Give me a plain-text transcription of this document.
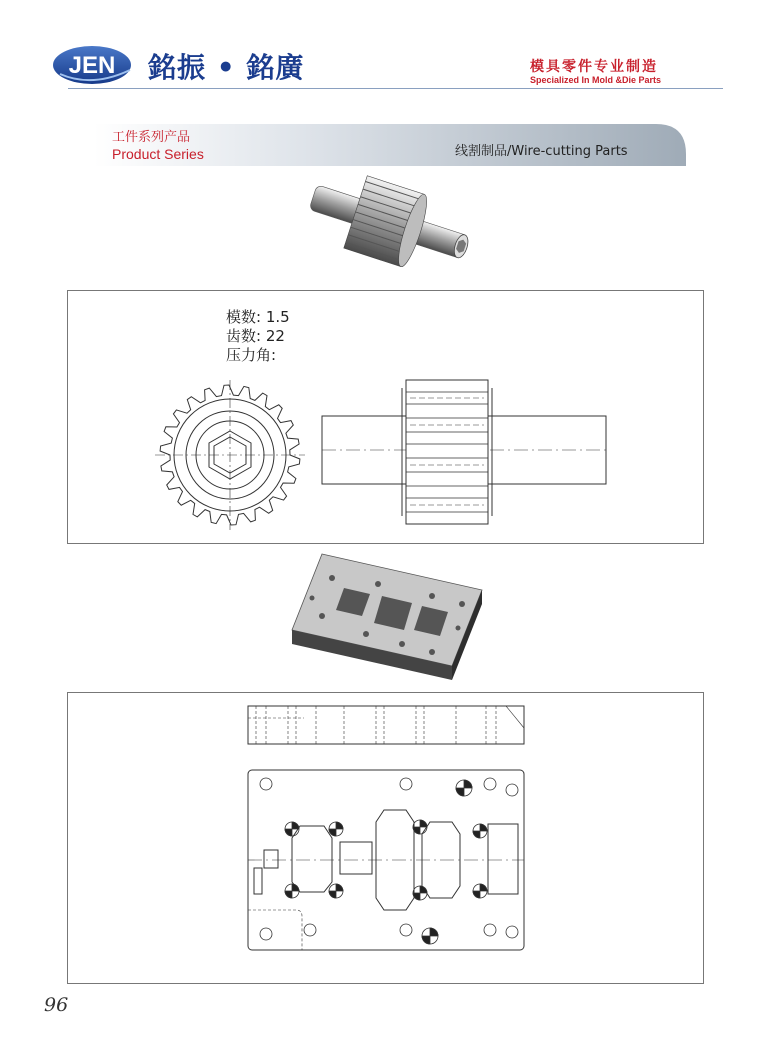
JEN 銘振 • 銘廣	模具零件专业制造
Specialized In Mold &Die Parts
工件系列产品
Product Series	线割制品/Wire-cutting Parts
模数: 1.5
齿数: 22
压力角:
96
